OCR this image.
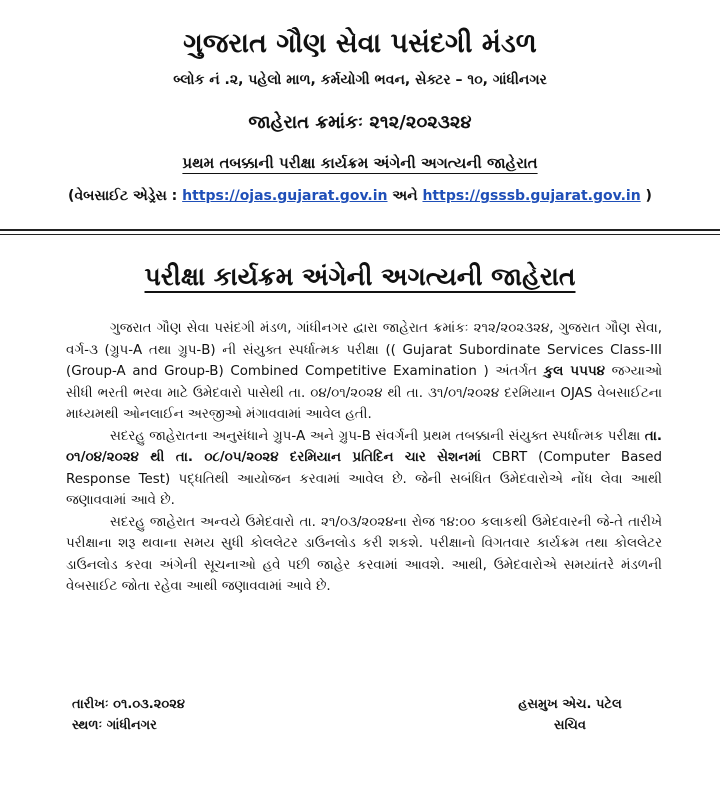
ગુજરાત ગૌણ સેવા પસંદગી મંડળ
બ્લોક નં .૨, પહેલો માળ, કર્મયોગી ભવન, સેક્ટર – ૧૦, ગાંધીનગર
જાહેરાત ક્રમાંકઃ ૨૧૨/૨૦૨૩૨૪
પ્રથમ તબક્કાની પરીક્ષા કાર્યક્રમ અંગેની અગત્યની જાહેરાત
(વેબસાઈટ એડ્રેસ : https://ojas.gujarat.gov.in અને https://gsssb.gujarat.gov.in )
પરીક્ષા કાર્યક્રમ અંગેની અગત્યની જાહેરાત

ગુજરાત ગૌણ સેવા પસંદગી મંડળ, ગાંધીનગર દ્વારા જાહેરાત ક્રમાંકઃ ૨૧૨/૨૦૨૩૨૪, ગુજરાત ગૌણ સેવા, વર્ગ-૩ (ગ્રુપ-A તથા ગ્રુપ-B) ની સંયુક્ત સ્પર્ધાત્મક પરીક્ષા (( Gujarat Subordinate Services Class-III (Group-A and Group-B) Combined Competitive Examination ) અંતર્ગત કુલ ૫૫૫૪ જગ્યાઓ સીધી ભરતી ભરવા માટે ઉમેદવારો પાસેથી તા. ૦૪/૦૧/૨૦૨૪ થી તા. ૩૧/૦૧/૨૦૨૪ દરમિયાન OJAS વેબસાઈટના માધ્યમથી ઓનલાઈન અરજીઓ મંગાવવામાં આવેલ હતી.

સદરહુ જાહેરાતના અનુસંધાને ગ્રુપ-A અને ગ્રુપ-B સંવર્ગની પ્રથમ તબક્કાની સંયુક્ત સ્પર્ધાત્મક પરીક્ષા તા. ૦૧/૦૪/૨૦૨૪ થી તા. ૦૮/૦૫/૨૦૨૪ દરમિયાન પ્રતિદિન ચાર સેશનમાં CBRT (Computer Based Response Test) પદ્ધતિથી આયોજન કરવામાં આવેલ છે. જેની સબંધિત ઉમેદવારોએ નોંધ લેવા આથી જણાવવામાં આવે છે.

સદરહુ જાહેરાત અન્વયે ઉમેદવારો તા. ૨૧/૦૩/૨૦૨૪ના રોજ ૧૪:૦૦ કલાકથી ઉમેદવારની જે-તે તારીખે પરીક્ષાના શરૂ થવાના સમય સુધી કોલલેટર ડાઉનલોડ કરી શકશે. પરીક્ષાનો વિગતવાર કાર્યક્રમ તથા કોલલેટર ડાઉનલોડ કરવા અંગેની સૂચનાઓ હવે પછી જાહેર કરવામાં આવશે. આથી, ઉમેદવારોએ સમયાંતરે મંડળની વેબસાઈટ જોતા રહેવા આથી જણાવવામાં આવે છે.

તારીખઃ ૦૧.૦૩.૨૦૨૪
સ્થળઃ ગાંધીનગર
હસમુખ એચ. પટેલ
સચિવ
